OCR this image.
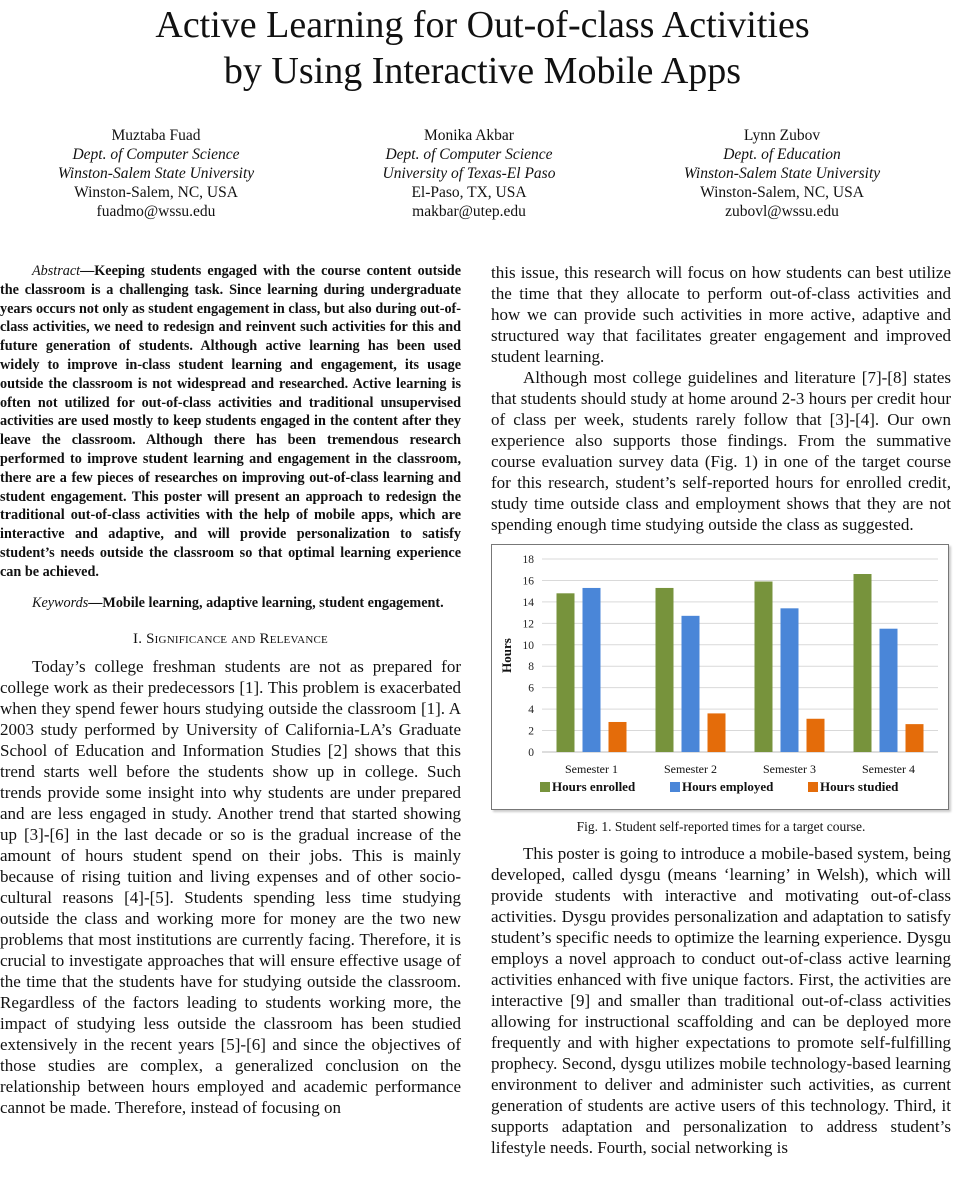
Active Learning for Out-of-class Activities
by Using Interactive Mobile Apps
Muztaba Fuad
Dept. of Computer Science
Winston-Salem State University
Winston-Salem, NC, USA
fuadmo@wssu.edu
Monika Akbar
Dept. of Computer Science
University of Texas-El Paso
El-Paso, TX, USA
makbar@utep.edu
Lynn Zubov
Dept. of Education
Winston-Salem State University
Winston-Salem, NC, USA
zubovl@wssu.edu

Abstract—Keeping students engaged with the course content outside the classroom is a challenging task. Since learning during undergraduate years occurs not only as student engagement in class, but also during out-of-class activities, we need to redesign and reinvent such activities for this and future generation of students. Although active learning has been used widely to improve in-class student learning and engagement, its usage outside the classroom is not widespread and researched. Active learning is often not utilized for out-of-class activities and traditional unsupervised activities are used mostly to keep students engaged in the content after they leave the classroom. Although there has been tremendous research performed to improve student learning and engagement in the classroom, there are a few pieces of researches on improving out-of-class learning and student engagement. This poster will present an approach to redesign the traditional out-of-class activities with the help of mobile apps, which are interactive and adaptive, and will provide personalization to satisfy student’s needs outside the classroom so that optimal learning experience can be achieved.

Keywords—Mobile learning, adaptive learning, student engagement.

I. Significance and Relevance

Today’s college freshman students are not as prepared for college work as their predecessors [1]. This problem is exacerbated when they spend fewer hours studying outside the classroom [1]. A 2003 study performed by University of California-LA’s Graduate School of Education and Information Studies [2] shows that this trend starts well before the students show up in college. Such trends provide some insight into why students are under prepared and are less engaged in study. Another trend that started showing up [3]-[6] in the last decade or so is the gradual increase of the amount of hours student spend on their jobs. This is mainly because of rising tuition and living expenses and of other socio-cultural reasons [4]-[5]. Students spending less time studying outside the class and working more for money are the two new problems that most institutions are currently facing. Therefore, it is crucial to investigate approaches that will ensure effective usage of the time that the students have for studying outside the classroom. Regardless of the factors leading to students working more, the impact of studying less outside the classroom has been studied extensively in the recent years [5]-[6] and since the objectives of those studies are complex, a generalized conclusion on the relationship between hours employed and academic performance cannot be made. Therefore, instead of focusing on

this issue, this research will focus on how students can best utilize the time that they allocate to perform out-of-class activities and how we can provide such activities in more active, adaptive and structured way that facilitates greater engagement and improved student learning.

Although most college guidelines and literature [7]-[8] states that students should study at home around 2-3 hours per credit hour of class per week, students rarely follow that [3]-[4]. Our own experience also supports those findings. From the summative course evaluation survey data (Fig. 1) in one of the target course for this research, student’s self-reported hours for enrolled credit, study time outside class and employment shows that they are not spending enough time studying outside the class as suggested.

0
2
4
6
8
10
12
14
16
18
Hours
Semester 1	Semester 2	Semester 3	Semester 4
Hours enrolled	Hours employed	Hours studied

Fig. 1. Student self-reported times for a target course.

This poster is going to introduce a mobile-based system, being developed, called dysgu (means ‘learning’ in Welsh), which will provide students with interactive and motivating out-of-class activities. Dysgu provides personalization and adaptation to satisfy student’s specific needs to optimize the learning experience. Dysgu employs a novel approach to conduct out-of-class active learning activities enhanced with five unique factors. First, the activities are interactive [9] and smaller than traditional out-of-class activities allowing for instructional scaffolding and can be deployed more frequently and with higher expectations to promote self-fulfilling prophecy. Second, dysgu utilizes mobile technology-based learning environment to deliver and administer such activities, as current generation of students are active users of this technology. Third, it supports adaptation and personalization to address student’s lifestyle needs. Fourth, social networking is
